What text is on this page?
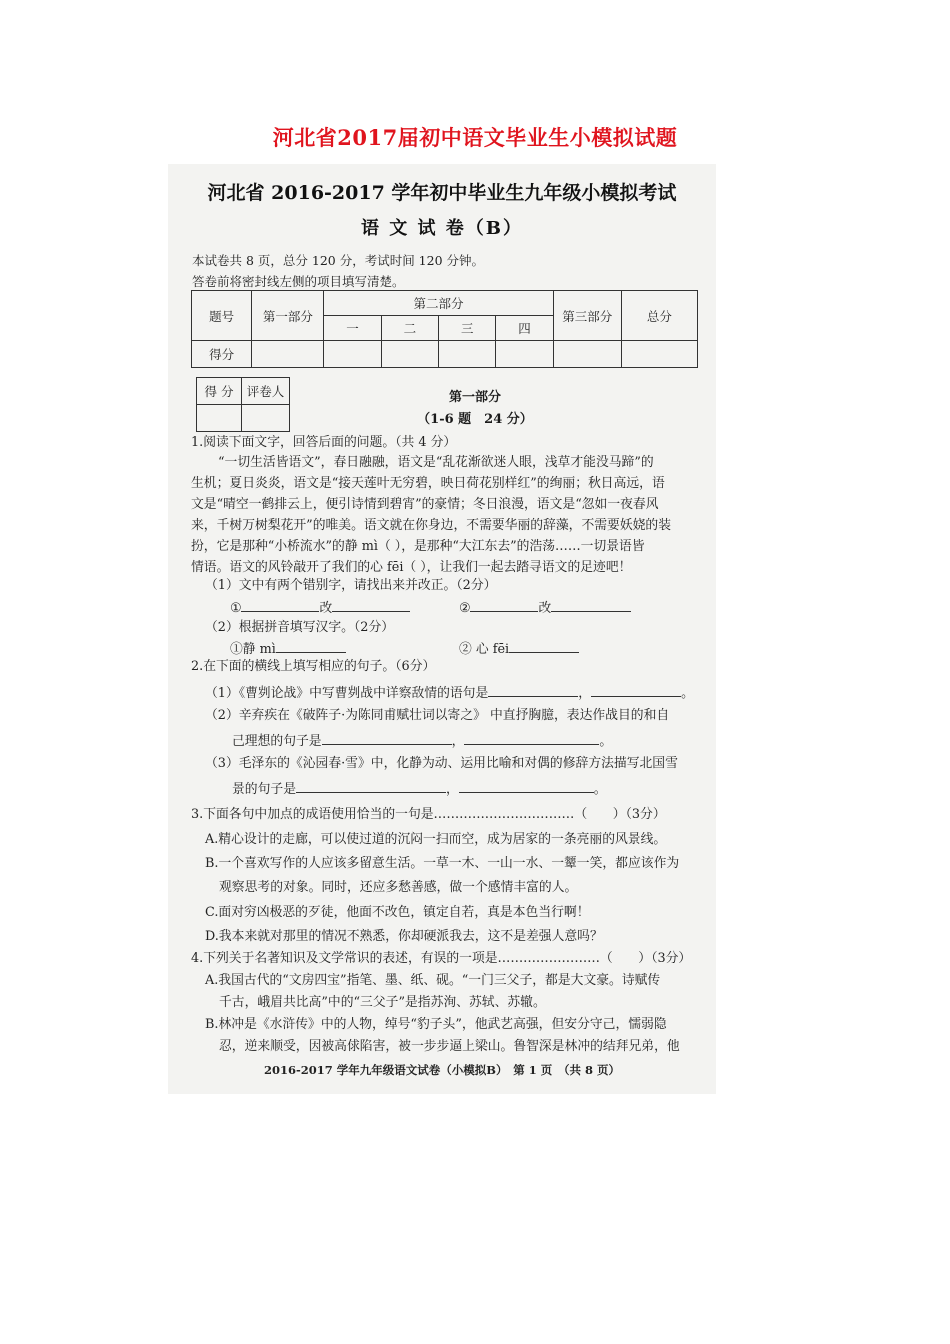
河北省2017届初中语文毕业生小模拟试题
河北省 2016-2017 学年初中毕业生九年级小模拟考试
语 文 试 卷（B）
本试卷共 8 页，总分 120 分，考试时间 120 分钟。
答卷前将密封线左侧的项目填写清楚。
题号	第一部分	第二部分				第三部分	总分
		一	二	三	四		
得分							
得 分	评卷人
		第一部分
（1-6 题　24 分）
1.阅读下面文字，回答后面的问题。（共 4 分）
“一切生活皆语文”，春日融融，语文是“乱花渐欲迷人眼，浅草才能没马蹄”的
生机；夏日炎炎，语文是“接天莲叶无穷碧，映日荷花别样红”的绚丽；秋日高远，语
文是“晴空一鹤排云上，便引诗情到碧宵”的豪情；冬日浪漫，语文是“忽如一夜春风
来，千树万树梨花开”的唯美。语文就在你身边，不需要华丽的辞藻，不需要妖娆的装
扮，它是那种“小桥流水”的静 mì（ ），是那种“大江东去”的浩荡……一切景语皆
情语。语文的风铃敲开了我们的心 fēi（ ），让我们一起去踏寻语文的足迹吧！
（1）文中有两个错别字，请找出来并改正。（2分）
①	改	②	改
（2）根据拼音填写汉字。（2分）
①静 mì	② 心 fēi
2.在下面的横线上填写相应的句子。（6分）
（1）《曹刿论战》中写曹刿战中详察敌情的语句是	，	。
（2）辛弃疾在《破阵子·为陈同甫赋壮词以寄之》 中直抒胸臆，表达作战目的和自
己理想的句子是	，	。
（3）毛泽东的《沁园春·雪》中，化静为动、运用比喻和对偶的修辞方法描写北国雪
景的句子是	，	。
3.下面各句中加点的成语使用恰当的一句是……………………………（　　）（3分）
A.精心设计的走廊，可以使过道的沉闷一扫而空，成为居家的一条亮丽的风景线。
B.一个喜欢写作的人应该多留意生活。一草一木、一山一水、一颦一笑，都应该作为
观察思考的对象。同时，还应多愁善感，做一个感情丰富的人。
C.面对穷凶极恶的歹徒，他面不改色，镇定自若，真是本色当行啊！
D.我本来就对那里的情况不熟悉，你却硬派我去，这不是差强人意吗？
4.下列关于名著知识及文学常识的表述，有误的一项是……………………（　　）（3分）
A.我国古代的“文房四宝”指笔、墨、纸、砚。“一门三父子，都是大文豪。诗赋传
千古，峨眉共比高”中的“三父子”是指苏洵、苏轼、苏辙。
B.林冲是《水浒传》中的人物，绰号“豹子头”，他武艺高强，但安分守己，懦弱隐
忍，逆来顺受，因被高俅陷害，被一步步逼上梁山。鲁智深是林冲的结拜兄弟，他
2016-2017 学年九年级语文试卷（小模拟B）　第 1 页　（共 8 页）
